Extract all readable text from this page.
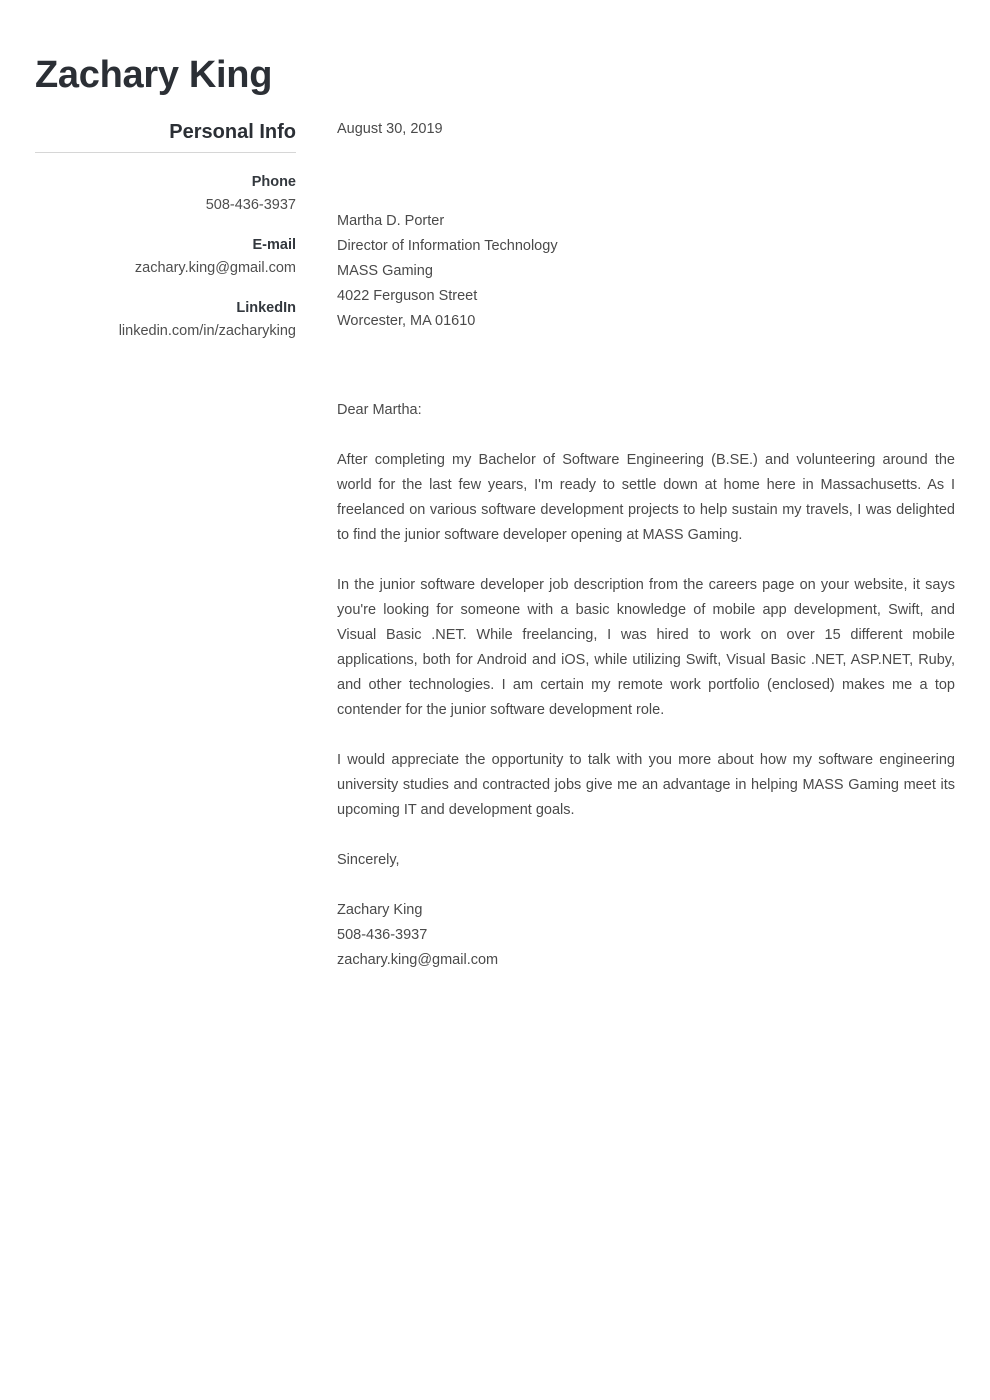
Zachary King
Personal Info
Phone
508-436-3937
E-mail
zachary.king@gmail.com
LinkedIn
linkedin.com/in/zacharyking
August 30, 2019
Martha D. Porter
Director of Information Technology
MASS Gaming
4022 Ferguson Street
Worcester, MA 01610
Dear Martha:

After completing my Bachelor of Software Engineering (B.SE.) and volunteering around the world for the last few years, I'm ready to settle down at home here in Massachusetts. As I freelanced on various software development projects to help sustain my travels, I was delighted to find the junior software developer opening at MASS Gaming.

In the junior software developer job description from the careers page on your website, it says you're looking for someone with a basic knowledge of mobile app development, Swift, and Visual Basic .NET. While freelancing, I was hired to work on over 15 different mobile applications, both for Android and iOS, while utilizing Swift, Visual Basic .NET, ASP.NET, Ruby, and other technologies. I am certain my remote work portfolio (enclosed) makes me a top contender for the junior software development role.

I would appreciate the opportunity to talk with you more about how my software engineering university studies and contracted jobs give me an advantage in helping MASS Gaming meet its upcoming IT and development goals.

Sincerely,
Zachary King
508-436-3937
zachary.king@gmail.com
